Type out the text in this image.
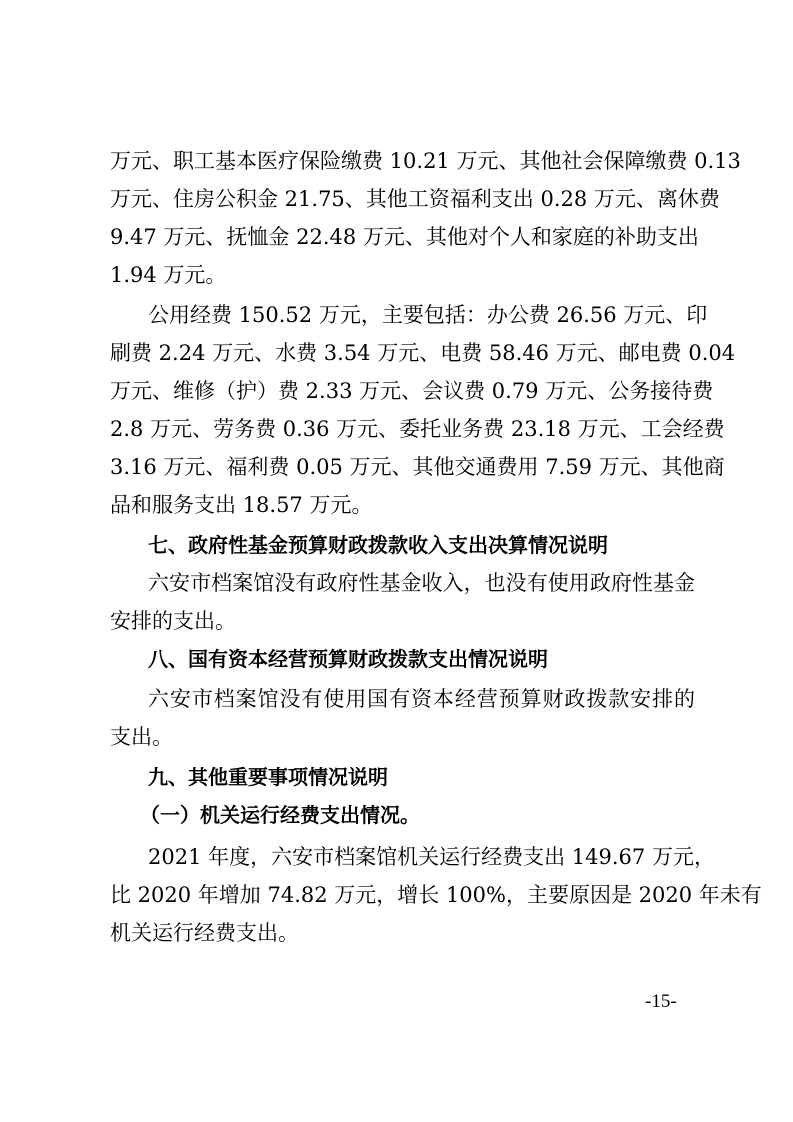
万元、职工基本医疗保险缴费 10.21 万元、其他社会保障缴费 0.13
万元、住房公积金 21.75、其他工资福利支出 0.28 万元、离休费
9.47 万元、抚恤金 22.48 万元、其他对个人和家庭的补助支出
1.94 万元。
公用经费 150.52 万元，主要包括：办公费 26.56 万元、印
刷费 2.24 万元、水费 3.54 万元、电费 58.46 万元、邮电费 0.04
万元、维修（护）费 2.33 万元、会议费 0.79 万元、公务接待费
2.8 万元、劳务费 0.36 万元、委托业务费 23.18 万元、工会经费
3.16 万元、福利费 0.05 万元、其他交通费用 7.59 万元、其他商
品和服务支出 18.57 万元。
七、政府性基金预算财政拨款收入支出决算情况说明
六安市档案馆没有政府性基金收入，也没有使用政府性基金
安排的支出。
八、国有资本经营预算财政拨款支出情况说明
六安市档案馆没有使用国有资本经营预算财政拨款安排的
支出。
九、其他重要事项情况说明
（一）机关运行经费支出情况。
2021 年度，六安市档案馆机关运行经费支出 149.67 万元，
比 2020 年增加 74.82 万元，增长 100%，主要原因是 2020 年未有
机关运行经费支出。
-15-
